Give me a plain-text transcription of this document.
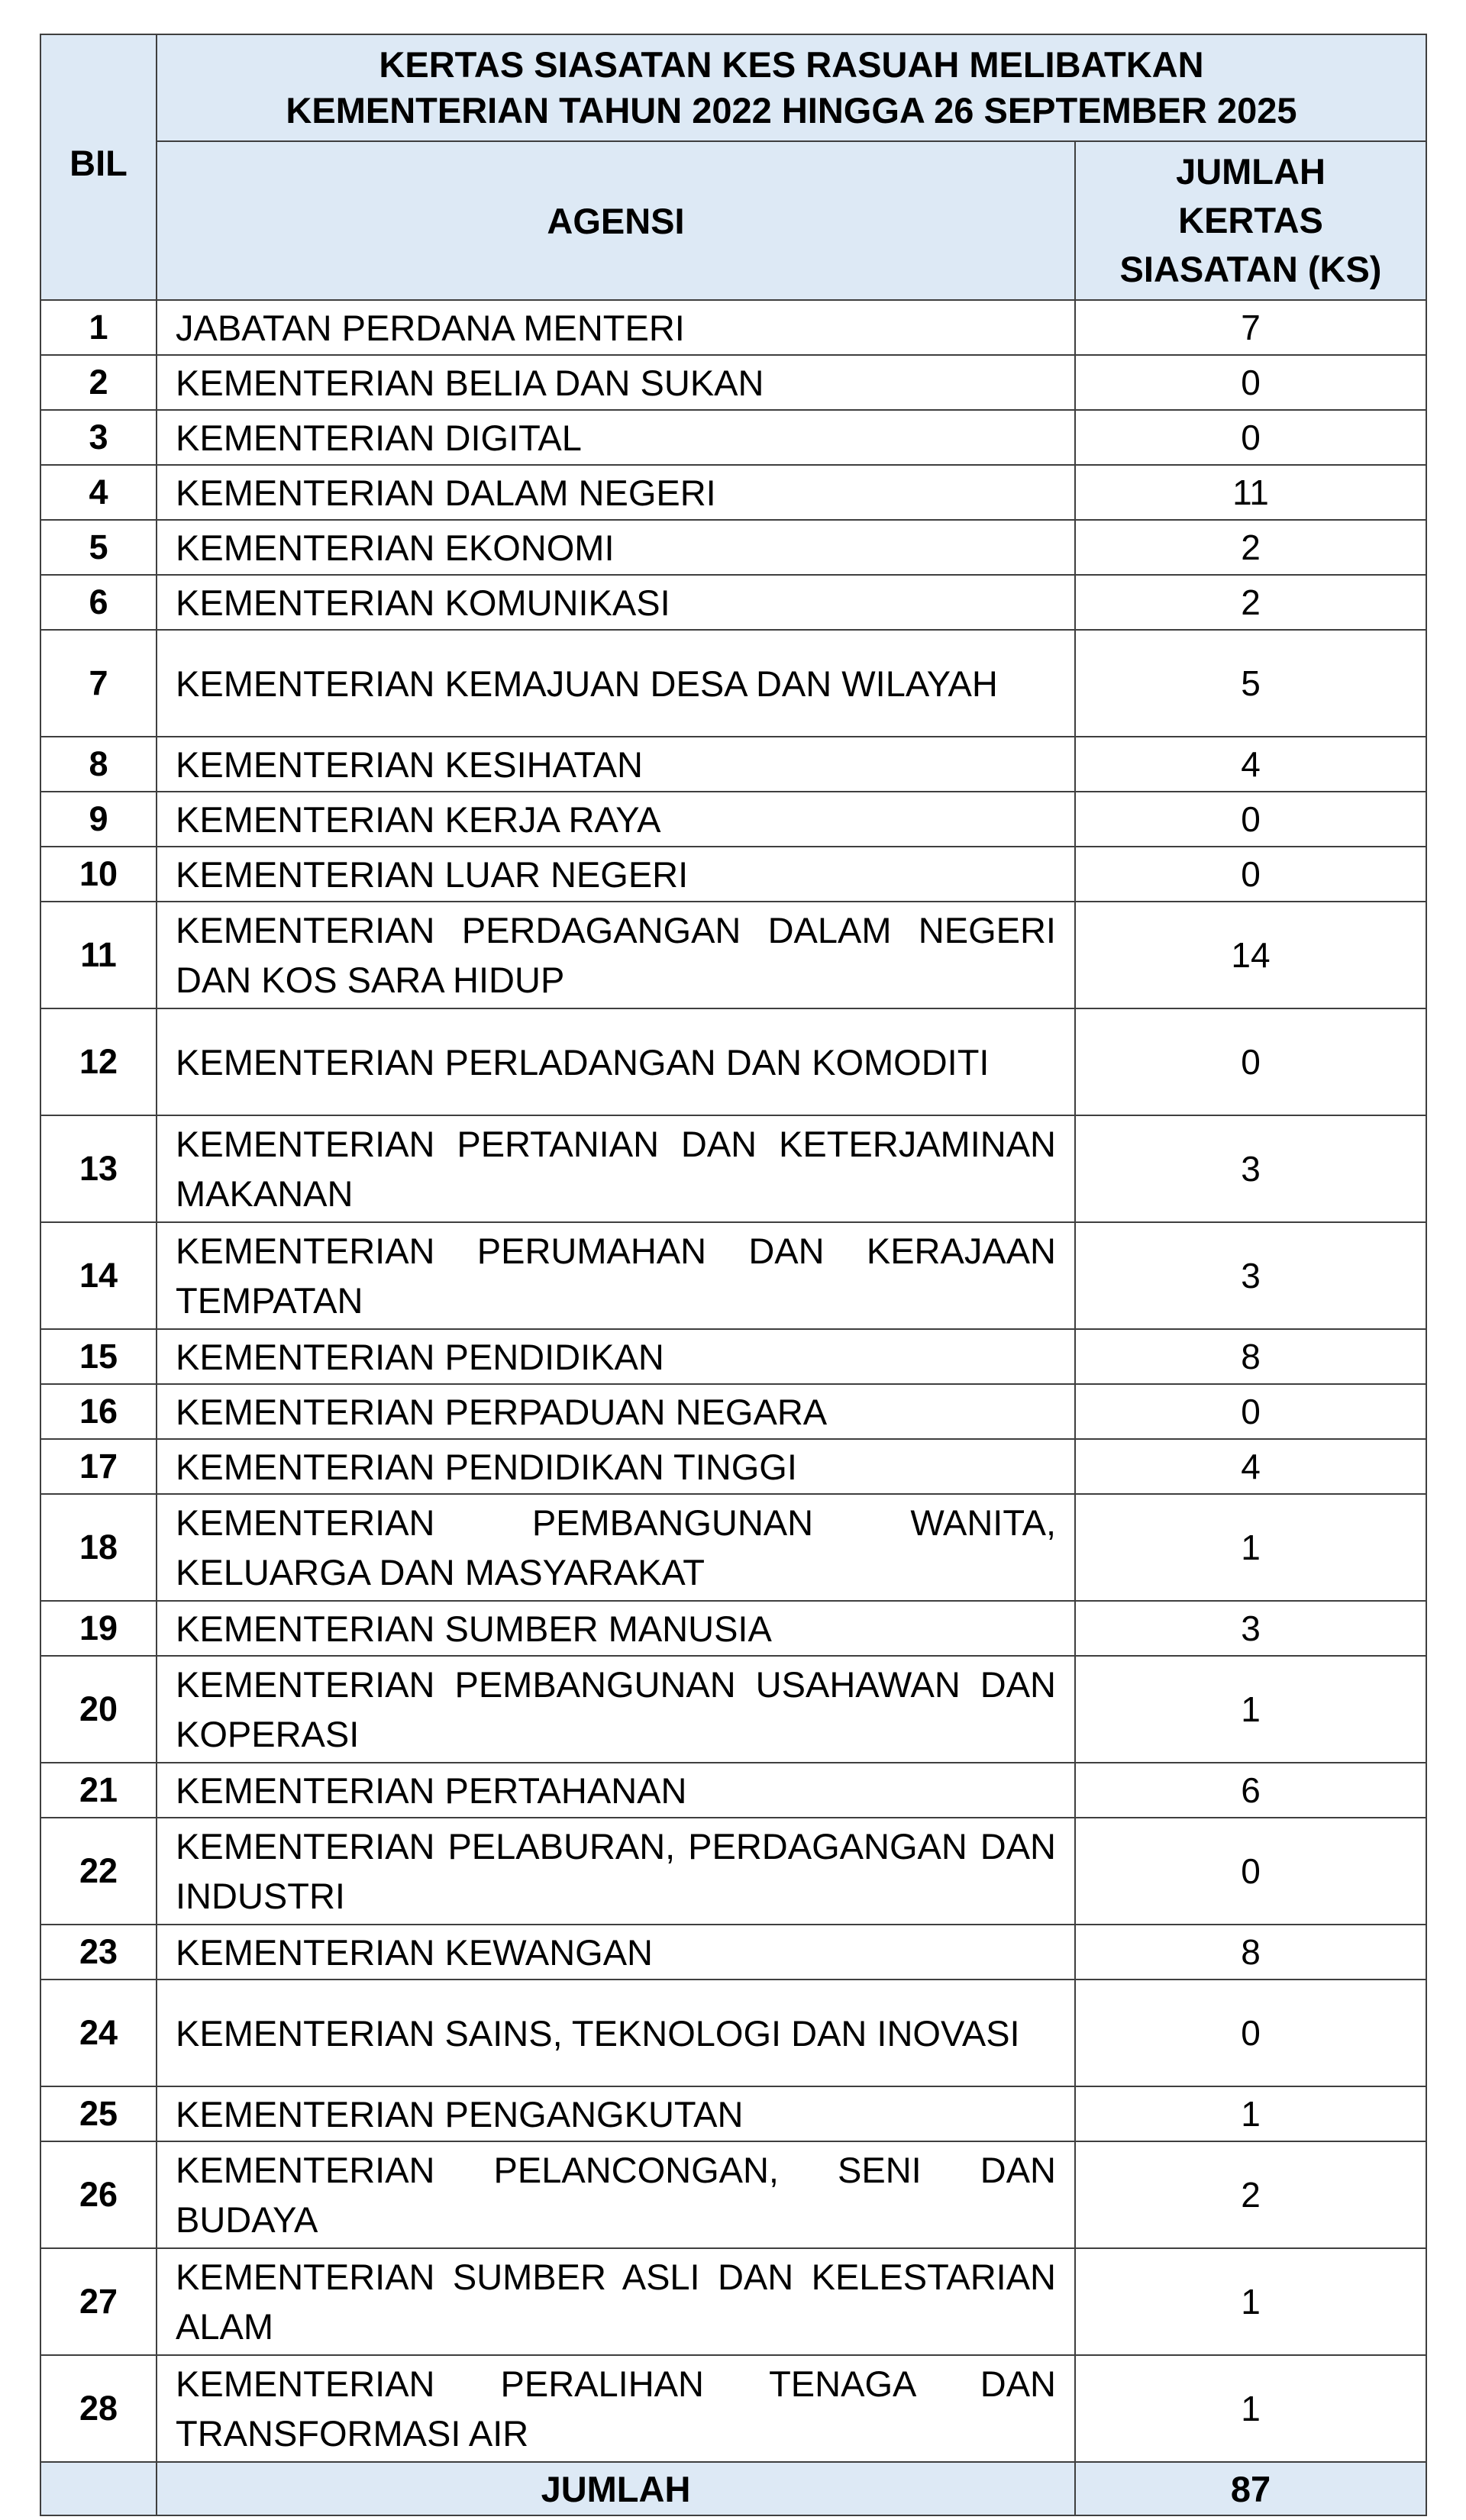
BIL	KERTAS SIASATAN KES RASUAH MELIBATKAN
KEMENTERIAN TAHUN 2022 HINGGA 26 SEPTEMBER 2025	

	AGENSI	JUMLAH
KERTAS
SIASATAN (KS)

1	JABATAN PERDANA MENTERI	7
2	KEMENTERIAN BELIA DAN SUKAN	0
3	KEMENTERIAN DIGITAL	0
4	KEMENTERIAN DALAM NEGERI	11
5	KEMENTERIAN EKONOMI	2
6	KEMENTERIAN KOMUNIKASI	2
7	KEMENTERIAN KEMAJUAN DESA DAN WILAYAH	5
8	KEMENTERIAN KESIHATAN	4
9	KEMENTERIAN KERJA RAYA	0
10	KEMENTERIAN LUAR NEGERI	0
11	KEMENTERIAN PERDAGANGAN DALAM NEGERI DAN KOS SARA HIDUP	14
12	KEMENTERIAN PERLADANGAN DAN KOMODITI	0
13	KEMENTERIAN PERTANIAN DAN KETERJAMINAN MAKANAN	3
14	KEMENTERIAN PERUMAHAN DAN KERAJAAN TEMPATAN	3
15	KEMENTERIAN PENDIDIKAN	8
16	KEMENTERIAN PERPADUAN NEGARA	0
17	KEMENTERIAN PENDIDIKAN TINGGI	4
18	KEMENTERIAN PEMBANGUNAN WANITA, KELUARGA DAN MASYARAKAT	1
19	KEMENTERIAN SUMBER MANUSIA	3
20	KEMENTERIAN PEMBANGUNAN USAHAWAN DAN KOPERASI	1
21	KEMENTERIAN PERTAHANAN	6
22	KEMENTERIAN PELABURAN, PERDAGANGAN DAN INDUSTRI	0
23	KEMENTERIAN KEWANGAN	8
24	KEMENTERIAN SAINS, TEKNOLOGI DAN INOVASI	0
25	KEMENTERIAN PENGANGKUTAN	1
26	KEMENTERIAN PELANCONGAN, SENI DAN BUDAYA	2
27	KEMENTERIAN SUMBER ASLI DAN KELESTARIAN ALAM	1
28	KEMENTERIAN PERALIHAN TENAGA DAN TRANSFORMASI AIR	1
	JUMLAH	87
